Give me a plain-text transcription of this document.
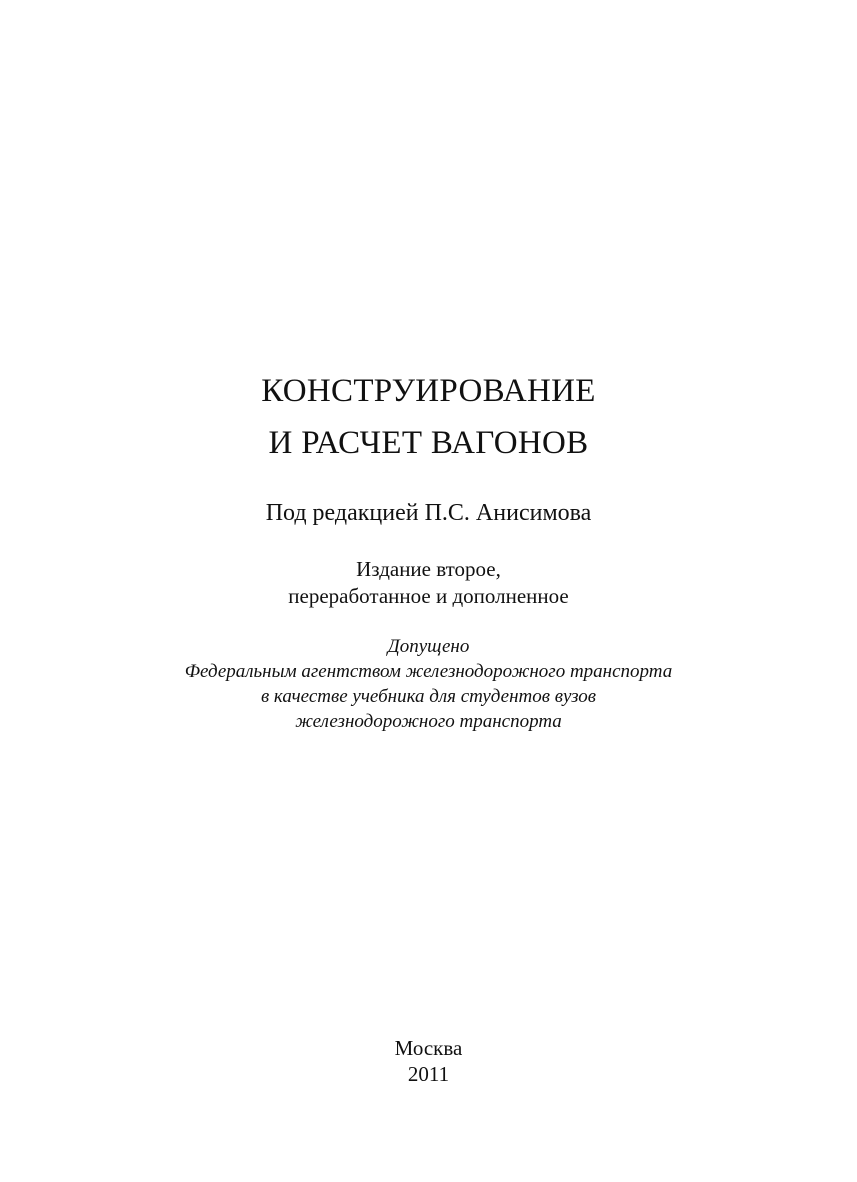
КОНСТРУИРОВАНИЕ
И РАСЧЕТ ВАГОНОВ
Под редакцией П.С. Анисимова
Издание второе,
переработанное и дополненное
Допущено
Федеральным агентством железнодорожного транспорта
в качестве учебника для студентов вузов
железнодорожного транспорта
Москва
2011
